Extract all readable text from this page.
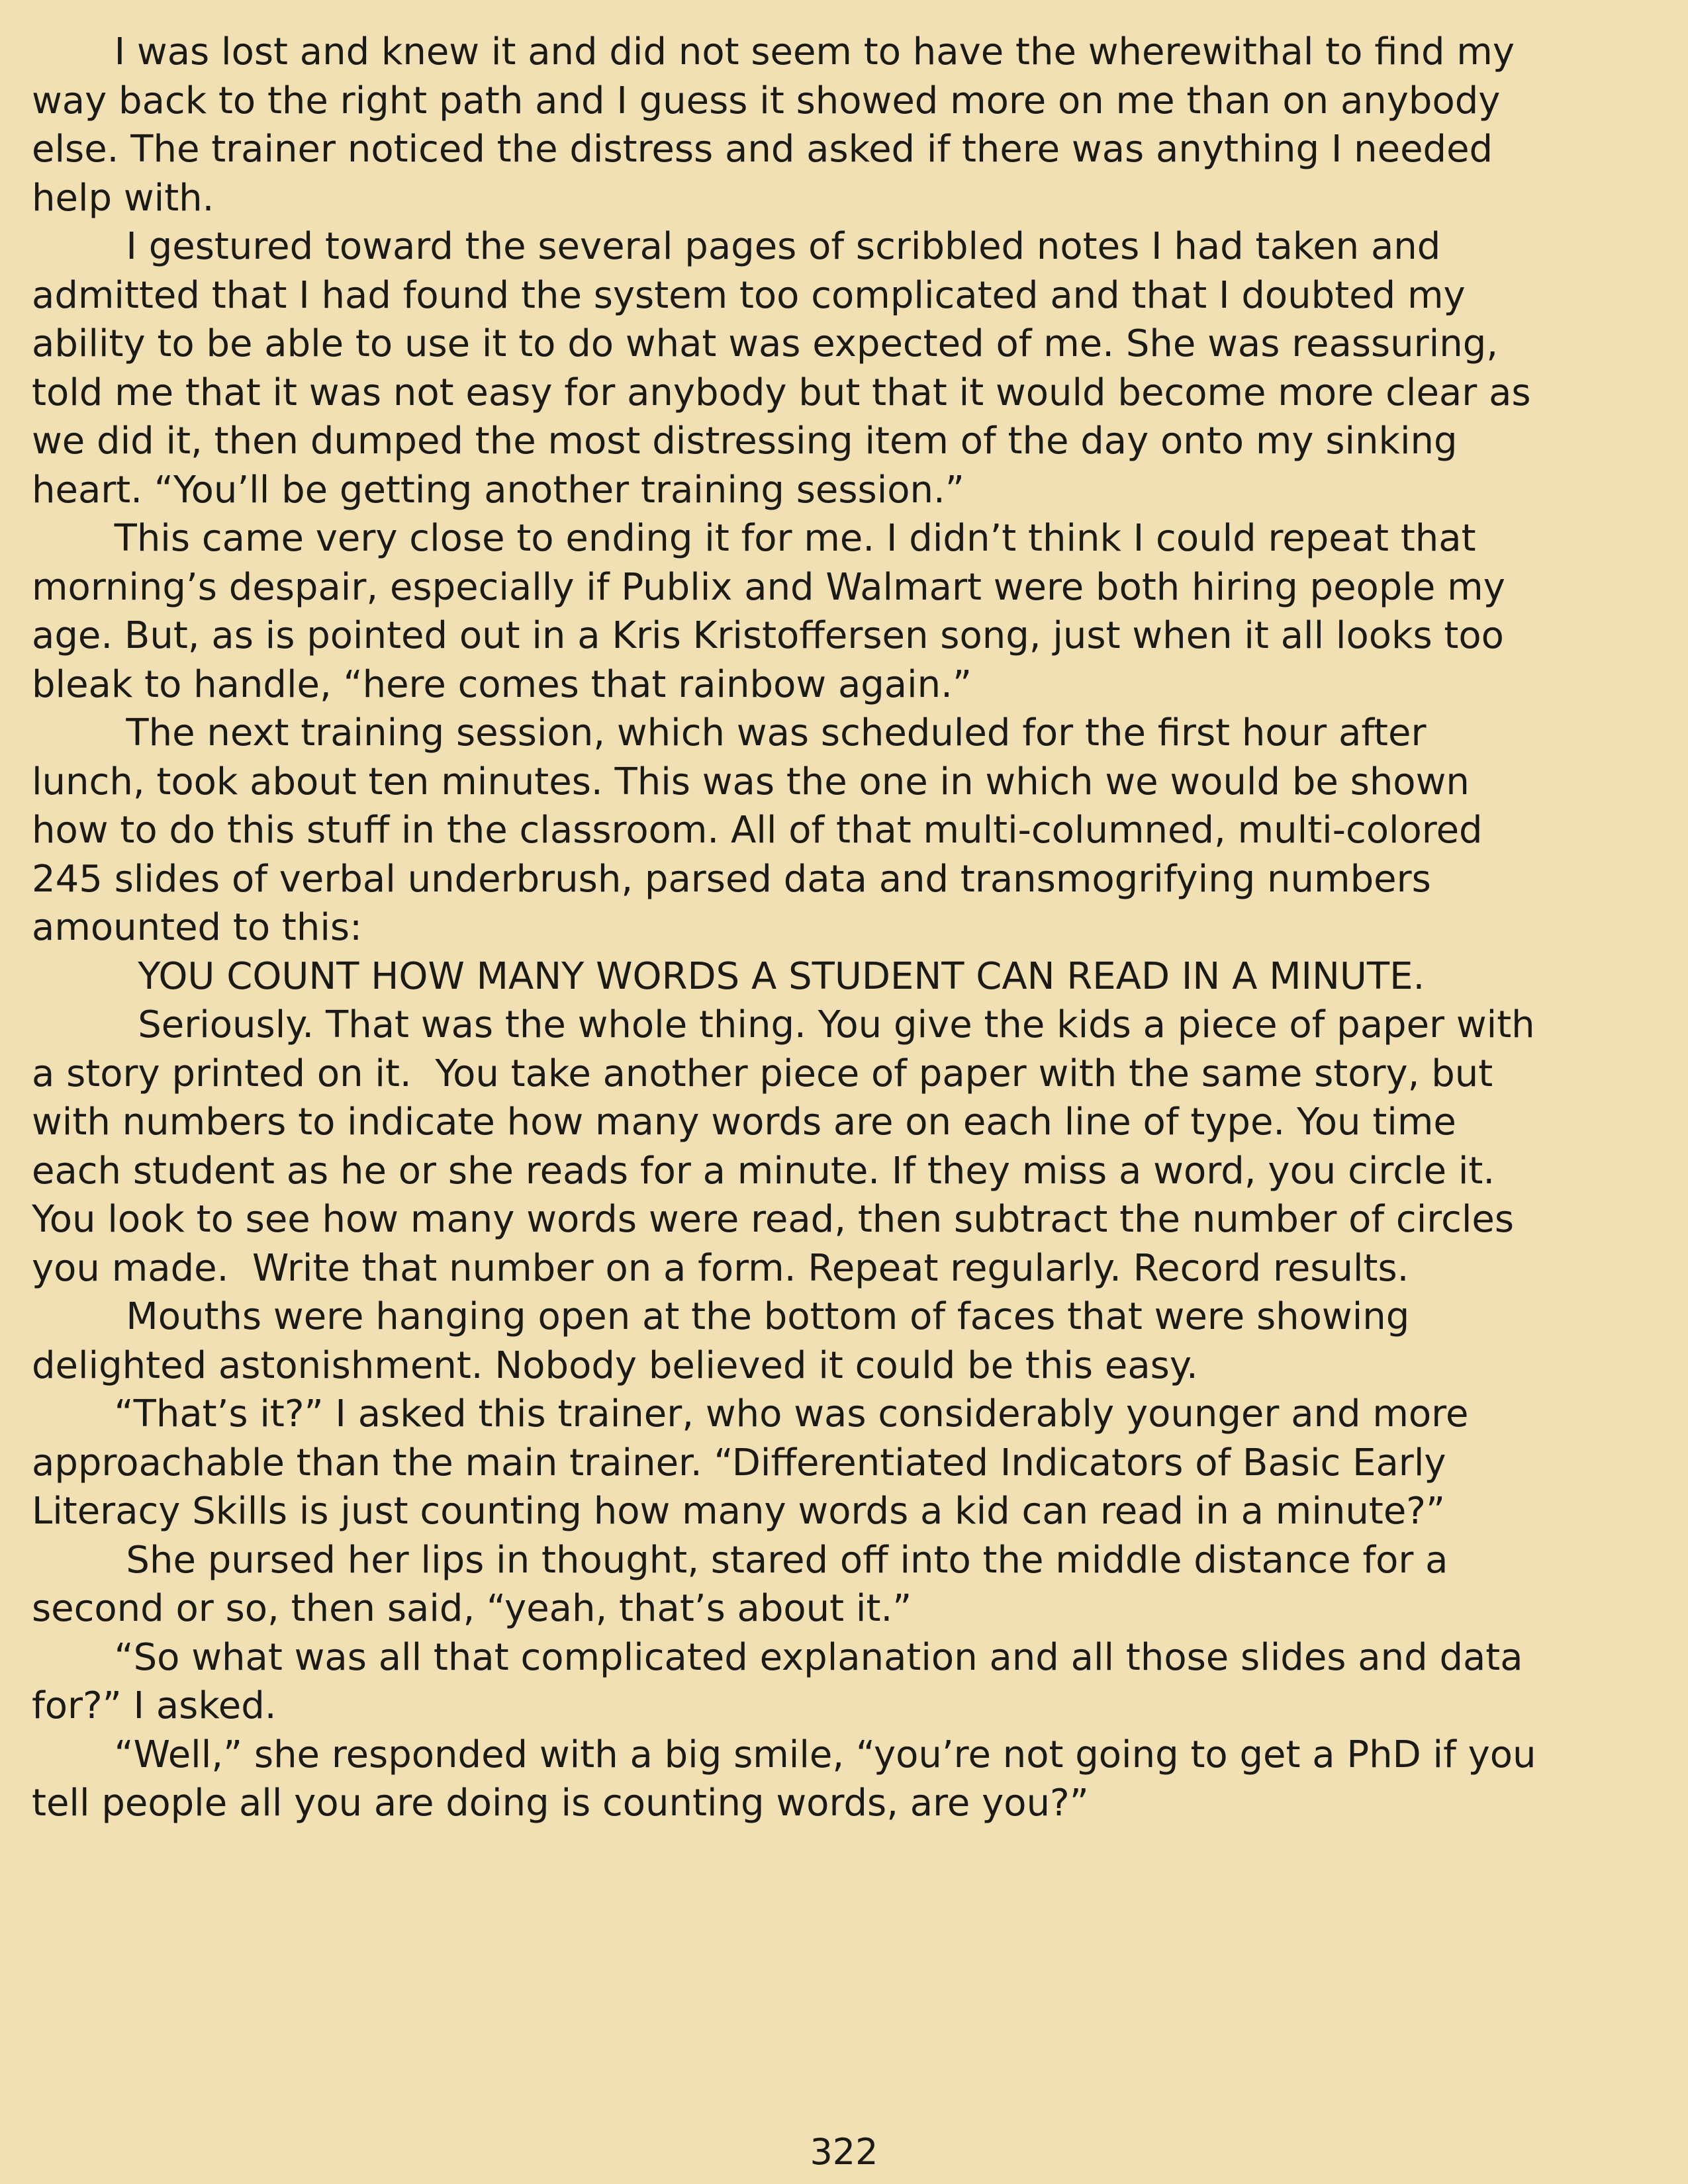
I was lost and knew it and did not seem to have the wherewithal to find my
way back to the right path and I guess it showed more on me than on anybody
else. The trainer noticed the distress and asked if there was anything I needed
help with.
I gestured toward the several pages of scribbled notes I had taken and
admitted that I had found the system too complicated and that I doubted my
ability to be able to use it to do what was expected of me. She was reassuring,
told me that it was not easy for anybody but that it would become more clear as
we did it, then dumped the most distressing item of the day onto my sinking
heart. “You’ll be getting another training session.”
This came very close to ending it for me. I didn’t think I could repeat that
morning’s despair, especially if Publix and Walmart were both hiring people my
age. But, as is pointed out in a Kris Kristoffersen song, just when it all looks too
bleak to handle, “here comes that rainbow again.”
The next training session, which was scheduled for the first hour after
lunch, took about ten minutes. This was the one in which we would be shown
how to do this stuff in the classroom. All of that multi-columned, multi-colored
245 slides of verbal underbrush, parsed data and transmogrifying numbers
amounted to this:
YOU COUNT HOW MANY WORDS A STUDENT CAN READ IN A MINUTE.
Seriously. That was the whole thing. You give the kids a piece of paper with
a story printed on it.  You take another piece of paper with the same story, but
with numbers to indicate how many words are on each line of type. You time
each student as he or she reads for a minute. If they miss a word, you circle it.
You look to see how many words were read, then subtract the number of circles
you made.  Write that number on a form. Repeat regularly. Record results.
Mouths were hanging open at the bottom of faces that were showing
delighted astonishment. Nobody believed it could be this easy.
“That’s it?” I asked this trainer, who was considerably younger and more
approachable than the main trainer. “Differentiated Indicators of Basic Early
Literacy Skills is just counting how many words a kid can read in a minute?”
She pursed her lips in thought, stared off into the middle distance for a
second or so, then said, “yeah, that’s about it.”
“So what was all that complicated explanation and all those slides and data
for?” I asked.
“Well,” she responded with a big smile, “you’re not going to get a PhD if you
tell people all you are doing is counting words, are you?”
322
